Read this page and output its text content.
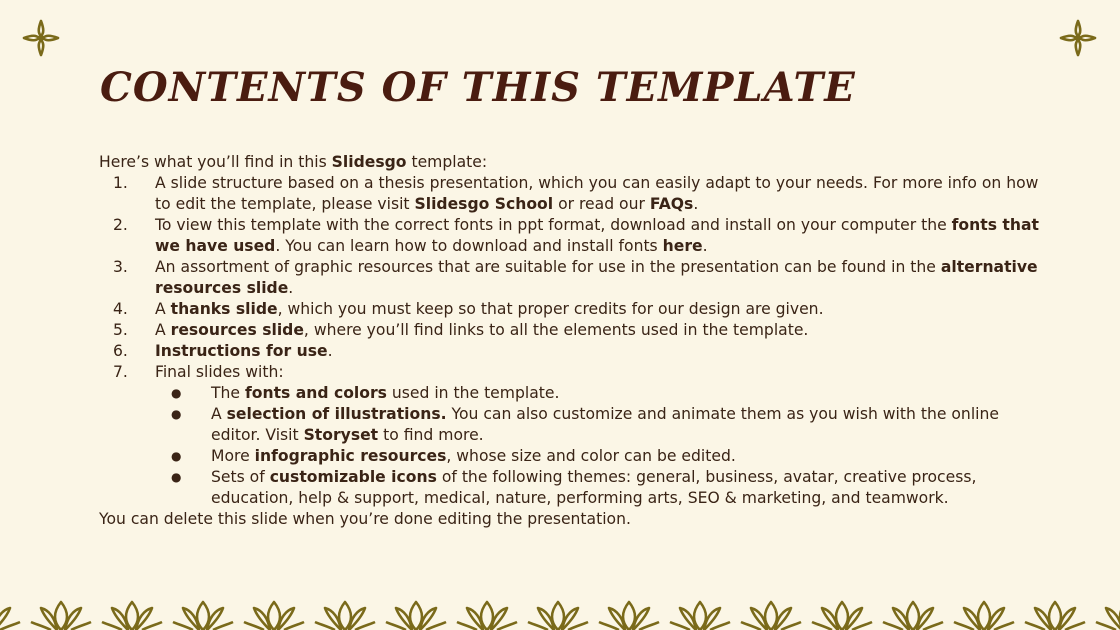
CONTENTS OF THIS TEMPLATE

Here’s what you’ll find in this Slidesgo template:

1. A slide structure based on a thesis presentation, which you can easily adapt to your needs. For more info on how to edit the template, please visit Slidesgo School or read our FAQs.
2. To view this template with the correct fonts in ppt format, download and install on your computer the fonts that we have used. You can learn how to download and install fonts here.
3. An assortment of graphic resources that are suitable for use in the presentation can be found in the alternative resources slide.
4. A thanks slide, which you must keep so that proper credits for our design are given.
5. A resources slide, where you’ll find links to all the elements used in the template.
6. Instructions for use.
7. Final slides with:
● The fonts and colors used in the template.
● A selection of illustrations. You can also customize and animate them as you wish with the online editor. Visit Storyset to find more.
● More infographic resources, whose size and color can be edited.
● Sets of customizable icons of the following themes: general, business, avatar, creative process, education, help & support, medical, nature, performing arts, SEO & marketing, and teamwork.

You can delete this slide when you’re done editing the presentation.
